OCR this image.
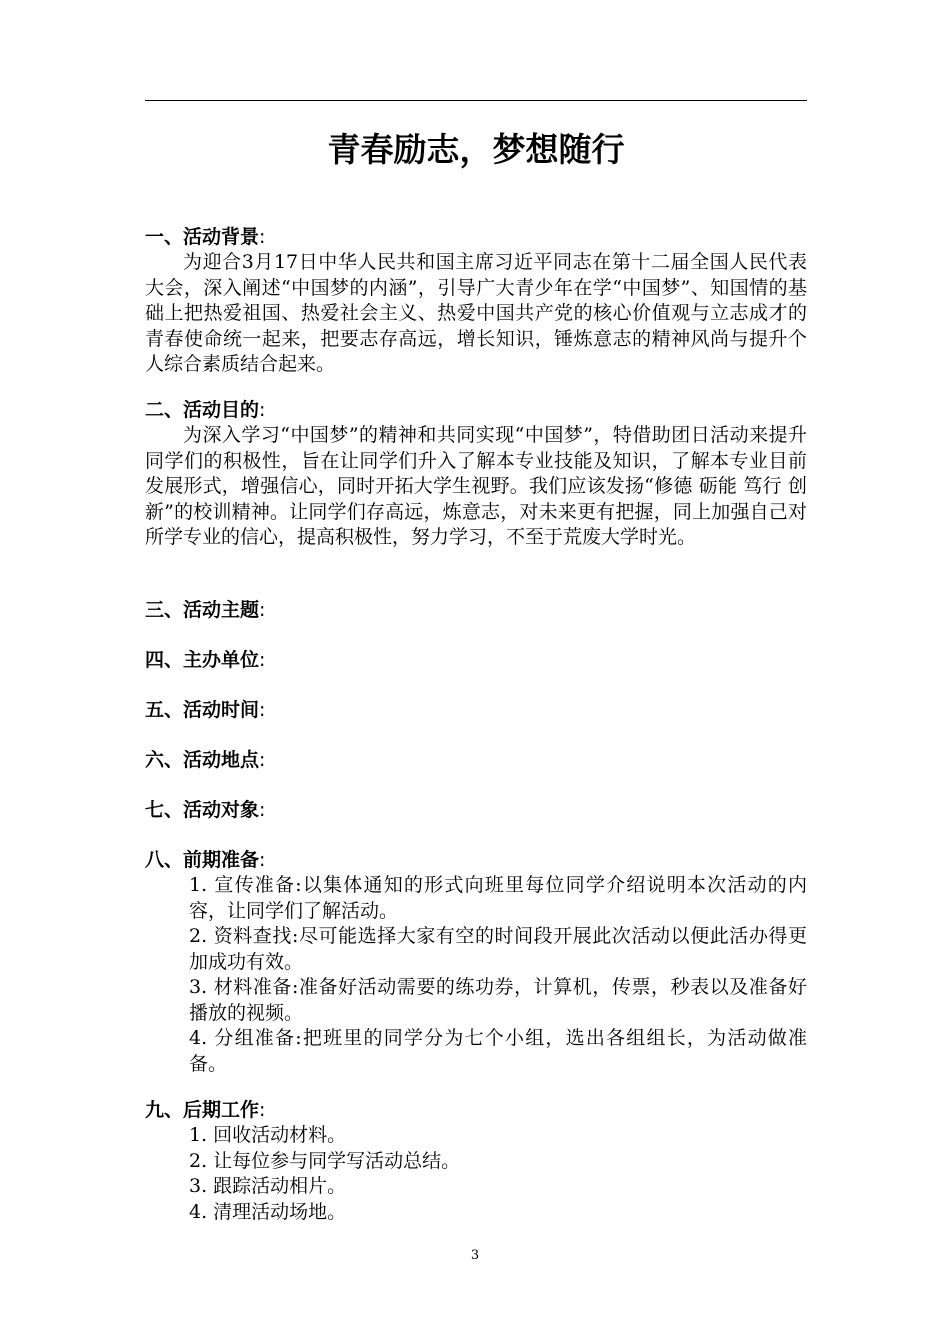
青春励志，梦想随行
一、活动背景:
为迎合3月17日中华人民共和国主席习近平同志在第十二届全国人民代表大会，深入阐述“中国梦的内涵”，引导广大青少年在学“中国梦”、知国情的基础上把热爱祖国、热爱社会主义、热爱中国共产党的核心价值观与立志成才的青春使命统一起来，把要志存高远，增长知识，锤炼意志的精神风尚与提升个人综合素质结合起来。
二、活动目的:
为深入学习“中国梦”的精神和共同实现“中国梦”，特借助团日活动来提升同学们的积极性，旨在让同学们升入了解本专业技能及知识，了解本专业目前发展形式，增强信心，同时开拓大学生视野。我们应该发扬“修德 砺能 笃行 创新”的校训精神。让同学们存高远，炼意志，对未来更有把握，同上加强自己对所学专业的信心，提高积极性，努力学习，不至于荒废大学时光。
三、活动主题:
四、主办单位:
五、活动时间:
六、活动地点:
七、活动对象:
八、前期准备:
1. 宣传准备:以集体通知的形式向班里每位同学介绍说明本次活动的内容，让同学们了解活动。
2. 资料查找:尽可能选择大家有空的时间段开展此次活动以便此活办得更加成功有效。
3. 材料准备:准备好活动需要的练功券，计算机，传票，秒表以及准备好播放的视频。
4. 分组准备:把班里的同学分为七个小组，选出各组组长，为活动做准备。
九、后期工作:
1. 回收活动材料。
2. 让每位参与同学写活动总结。
3. 跟踪活动相片。
4. 清理活动场地。
3
